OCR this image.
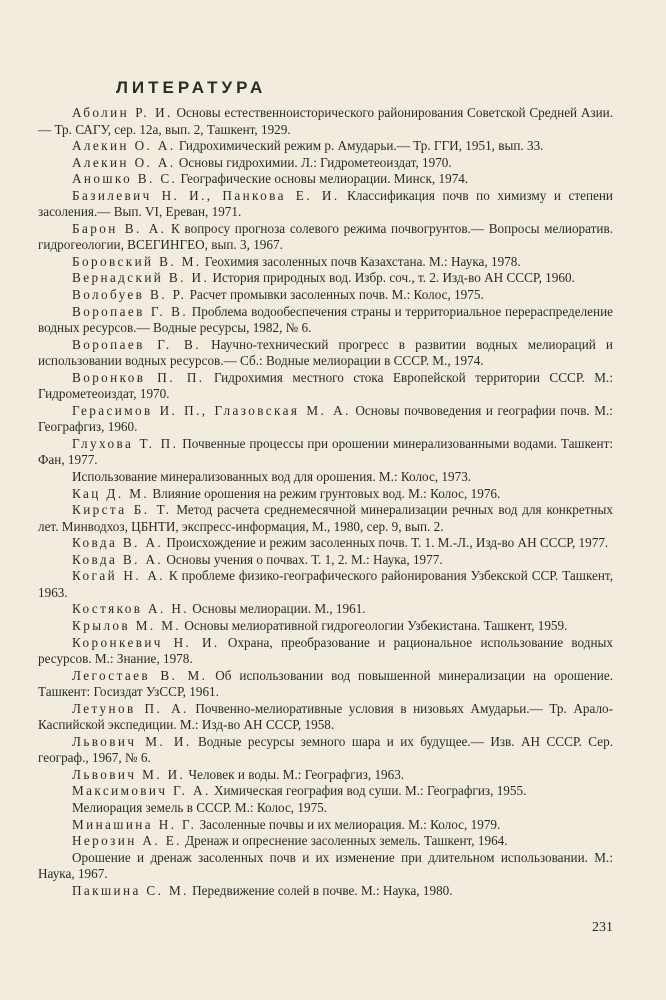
ЛИТЕРАТУРА

Аболин Р. И. Основы естественноисторического районирования Советской Средней Азии.— Тр. САГУ, сер. 12а, вып. 2, Ташкент, 1929.

Алекин О. А. Гидрохимический режим р. Амударьи.— Тр. ГГИ, 1951, вып. 33.

Алекин О. А. Основы гидрохимии. Л.: Гидрометеоиздат, 1970.

Аношко В. С. Географические основы мелиорации. Минск, 1974.

Базилевич Н. И., Панкова Е. И. Классификация почв по химизму и степени засоления.— Вып. VI, Ереван, 1971.

Барон В. А. К вопросу прогноза солевого режима почвогрунтов.— Вопросы мелиоратив. гидрогеологии, ВСЕГИНГЕО, вып. 3, 1967.

Боровский В. М. Геохимия засоленных почв Казахстана. М.: Наука, 1978.

Вернадский В. И. История природных вод. Избр. соч., т. 2. Изд-во АН СССР, 1960.

Волобуев В. Р. Расчет промывки засоленных почв. М.: Колос, 1975.

Воропаев Г. В. Проблема водообеспечения страны и территориальное перераспределение водных ресурсов.— Водные ресурсы, 1982, № 6.

Воропаев Г. В. Научно-технический прогресс в развитии водных мелиораций и использовании водных ресурсов.— Сб.: Водные мелиорации в СССР. М., 1974.

Воронков П. П. Гидрохимия местного стока Европейской территории СССР. М.: Гидрометеоиздат, 1970.

Герасимов И. П., Глазовская М. А. Основы почвоведения и географии почв. М.: Географгиз, 1960.

Глухова Т. П. Почвенные процессы при орошении минерализованными водами. Ташкент: Фан, 1977.

Использование минерализованных вод для орошения. М.: Колос, 1973.

Кац Д. М. Влияние орошения на режим грунтовых вод. М.: Колос, 1976.

Кирста Б. Т. Метод расчета среднемесячной минерализации речных вод для конкретных лет. Минводхоз, ЦБНТИ, экспресс-информация, М., 1980, сер. 9, вып. 2.

Ковда В. А. Происхождение и режим засоленных почв. Т. 1. М.-Л., Изд-во АН СССР, 1977.

Ковда В. А. Основы учения о почвах. Т. 1, 2. М.: Наука, 1977.

Когай Н. А. К проблеме физико-географического районирования Узбекской ССР. Ташкент, 1963.

Костяков А. Н. Основы мелиорации. М., 1961.

Крылов М. М. Основы мелиоративной гидрогеологии Узбекистана. Ташкент, 1959.

Коронкевич Н. И. Охрана, преобразование и рациональное использование водных ресурсов. М.: Знание, 1978.

Легостаев В. М. Об использовании вод повышенной минерализации на орошение. Ташкент: Госиздат УзССР, 1961.

Летунов П. А. Почвенно-мелиоративные условия в низовьях Амударьи.— Тр. Арало-Каспийской экспедиции. М.: Изд-во АН СССР, 1958.

Львович М. И. Водные ресурсы земного шара и их будущее.— Изв. АН СССР. Сер. географ., 1967, № 6.

Львович М. И. Человек и воды. М.: Географгиз, 1963.

Максимович Г. А. Химическая география вод суши. М.: Географгиз, 1955.

Мелиорация земель в СССР. М.: Колос, 1975.

Минашина Н. Г. Засоленные почвы и их мелиорация. М.: Колос, 1979.

Нерозин А. Е. Дренаж и опреснение засоленных земель. Ташкент, 1964.

Орошение и дренаж засоленных почв и их изменение при длительном использовании. М.: Наука, 1967.

Пакшина С. М. Передвижение солей в почве. М.: Наука, 1980.

231
